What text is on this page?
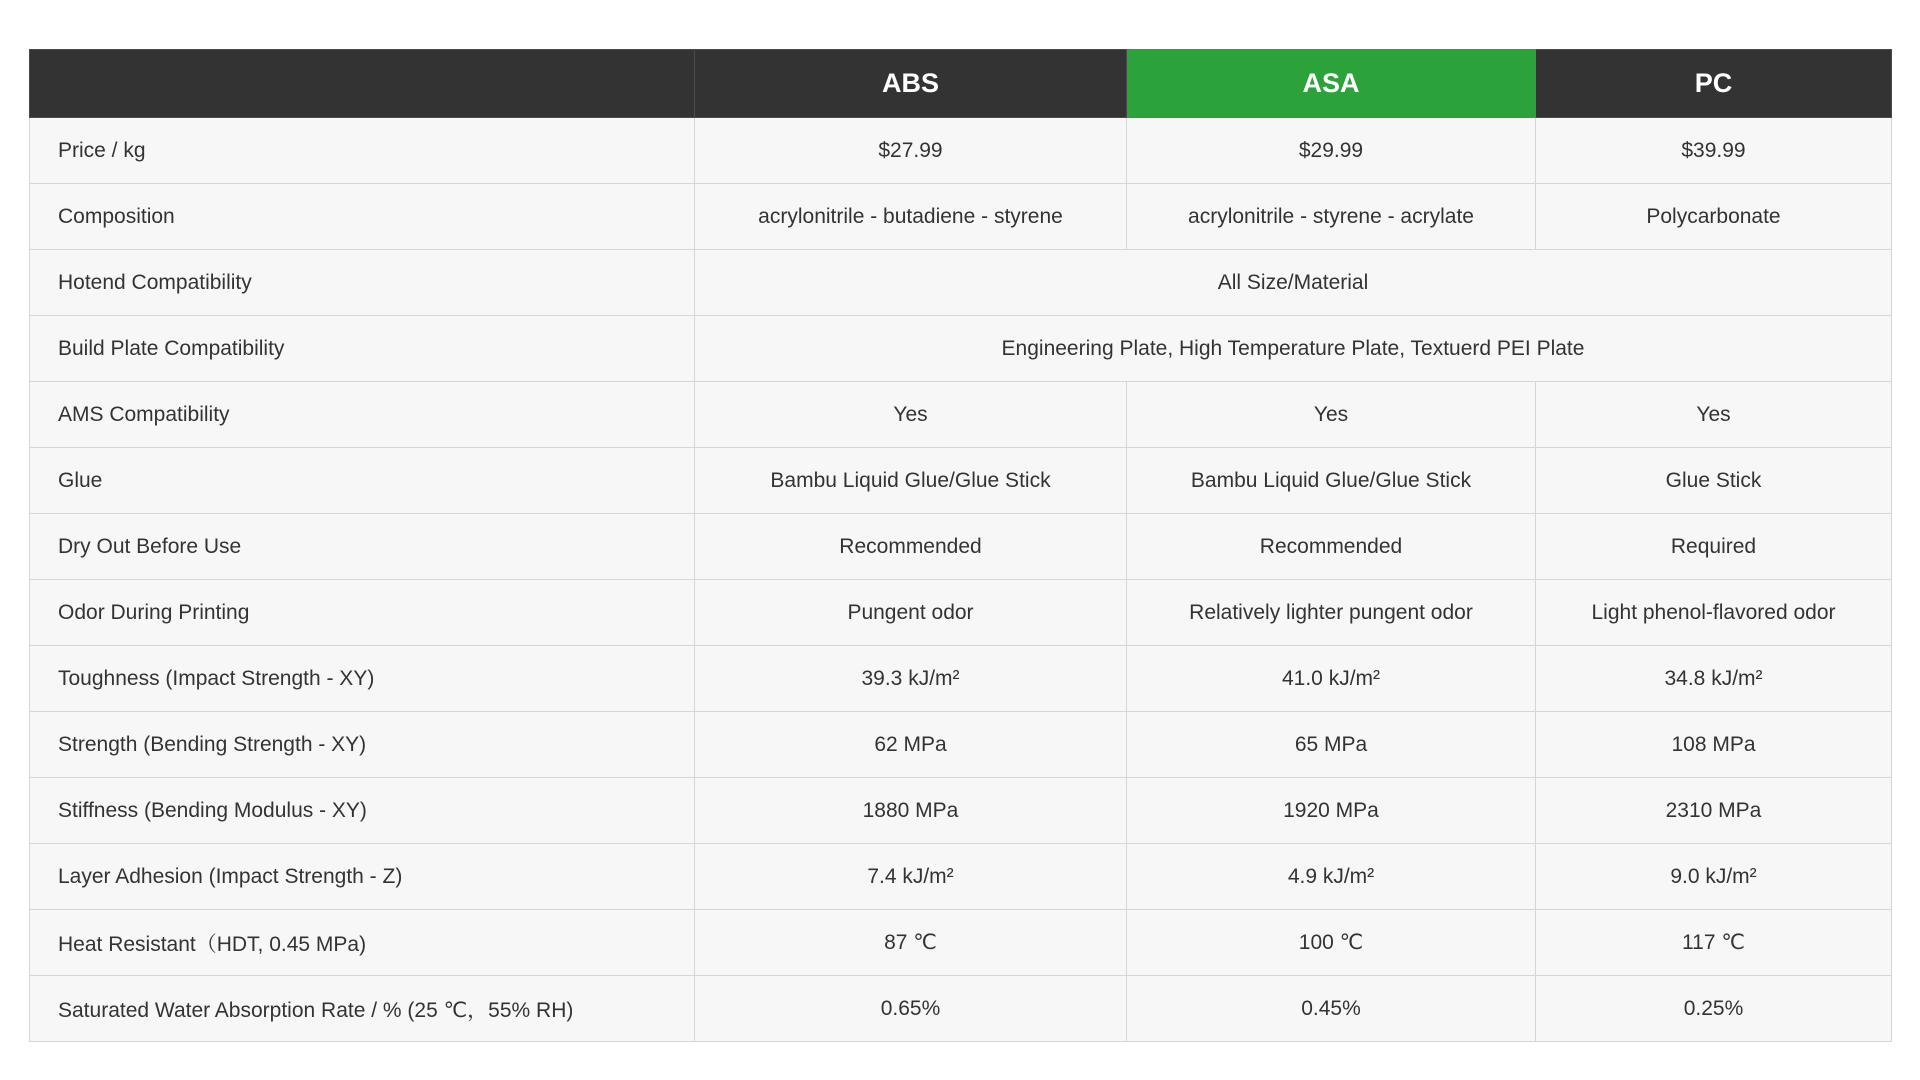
	ABS	ASA	PC
Price / kg	$27.99	$29.99	$39.99
Composition	acrylonitrile - butadiene - styrene	acrylonitrile - styrene - acrylate	Polycarbonate
Hotend Compatibility	All Size/Material		
Build Plate Compatibility	Engineering Plate, High Temperature Plate, Textuerd PEI Plate		
AMS Compatibility	Yes	Yes	Yes
Glue	Bambu Liquid Glue/Glue Stick	Bambu Liquid Glue/Glue Stick	Glue Stick
Dry Out Before Use	Recommended	Recommended	Required
Odor During Printing	Pungent odor	Relatively lighter pungent odor	Light phenol-flavored odor
Toughness (Impact Strength - XY)	39.3 kJ/m²	41.0 kJ/m²	34.8 kJ/m²
Strength (Bending Strength - XY)	62 MPa	65 MPa	108 MPa
Stiffness (Bending Modulus - XY)	1880 MPa	1920 MPa	2310 MPa
Layer Adhesion (Impact Strength - Z)	7.4 kJ/m²	4.9 kJ/m²	9.0 kJ/m²
Heat Resistant（HDT, 0.45 MPa)	87 ℃	100 ℃	117 ℃
Saturated Water Absorption Rate / % (25 ℃，55% RH)	0.65%	0.45%	0.25%
